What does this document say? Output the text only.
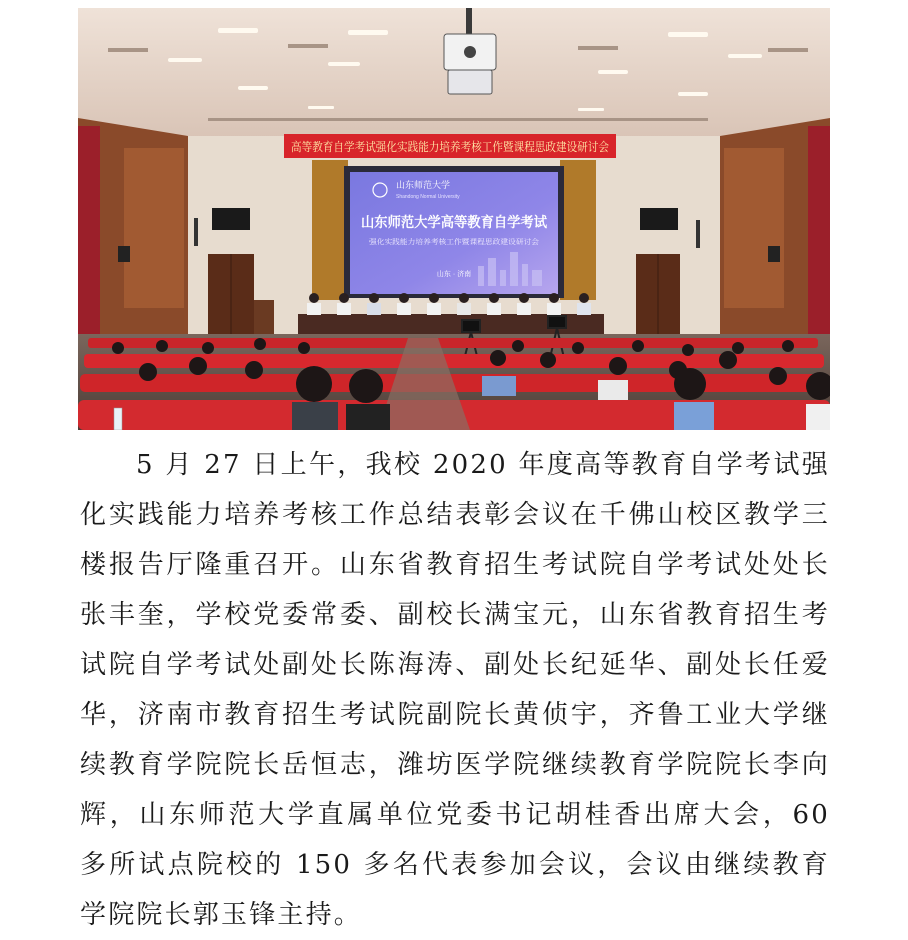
高等教育自学考试强化实践能力培养考核工作暨课程思政建设研讨会
山东师范大学
Shandong Normal University
山东师范大学高等教育自学考试
强化实践能力培养考核工作暨课程思政建设研讨会
山东 · 济南

5 月 27 日上午，我校 2020 年度高等教育自学考试强化实践能力培养考核工作总结表彰会议在千佛山校区教学三楼报告厅隆重召开。山东省教育招生考试院自学考试处处长张丰奎，学校党委常委、副校长满宝元，山东省教育招生考试院自学考试处副处长陈海涛、副处长纪延华、副处长任爱华，济南市教育招生考试院副院长黄侦宇，齐鲁工业大学继续教育学院院长岳恒志，潍坊医学院继续教育学院院长李向辉，山东师范大学直属单位党委书记胡桂香出席大会，60 多所试点院校的 150 多名代表参加会议，会议由继续教育学院院长郭玉锋主持。
